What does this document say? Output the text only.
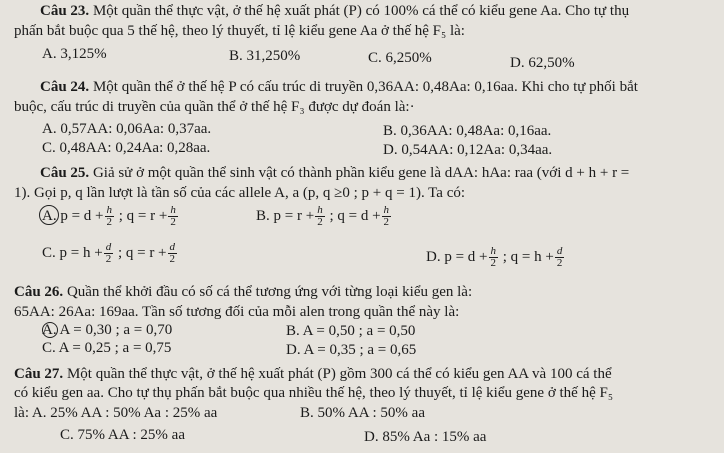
Câu 23. Một quần thể thực vật, ở thế hệ xuất phát (P) có 100% cá thể có kiểu gene Aa. Cho tự thụ
phấn bắt buộc qua 5 thế hệ, theo lý thuyết, tỉ lệ kiểu gene Aa ở thế hệ F₅ là:
A. 3,125%	B. 31,250%	C. 6,250%	D. 62,50%
Câu 24. Một quần thể ở thế hệ P có cấu trúc di truyền 0,36AA: 0,48Aa: 0,16aa. Khi cho tự phối bắt
buộc, cấu trúc di truyền của quần thể ở thế hệ F₃ được dự đoán là:·
A. 0,57AA: 0,06Aa: 0,37aa.	B. 0,36AA: 0,48Aa: 0,16aa.
C. 0,48AA: 0,24Aa: 0,28aa.	D. 0,54AA: 0,12Aa: 0,34aa.
Câu 25. Giả sử ở một quần thể sinh vật có thành phần kiểu gene là dAA: hAa: raa (với d + h + r =
1). Gọi p, q lần lượt là tần số của các allele A, a (p, q ≥0 ; p + q = 1). Ta có:
A. $p = d + \frac{h}{2}$ ; $q = r + \frac{h}{2}$	B. $p = r + \frac{h}{2}$ ; $q = d + \frac{h}{2}$
C. $p = h + \frac{d}{2}$ ; $q = r + \frac{d}{2}$	D. $p = d + \frac{h}{2}$ ; $q = h + \frac{d}{2}$
Câu 26. Quần thể khởi đầu có số cá thể tương ứng với từng loại kiểu gen là:
65AA: 26Aa: 169aa. Tần số tương đối của mỗi alen trong quần thể này là:
A. A = 0,30 ; a = 0,70	B. A = 0,50 ; a = 0,50
C. A = 0,25 ; a = 0,75	D. A = 0,35 ; a = 0,65
Câu 27. Một quần thể thực vật, ở thế hệ xuất phát (P) gồm 300 cá thể có kiểu gen AA và 100 cá thể
có kiểu gen aa. Cho tự thụ phấn bắt buộc qua nhiều thế hệ, theo lý thuyết, tỉ lệ kiểu gene ở thế hệ F₅
là: A. 25% AA : 50% Aa : 25% aa	B. 50% AA : 50% aa
C. 75% AA : 25% aa	D. 85% Aa : 15% aa
